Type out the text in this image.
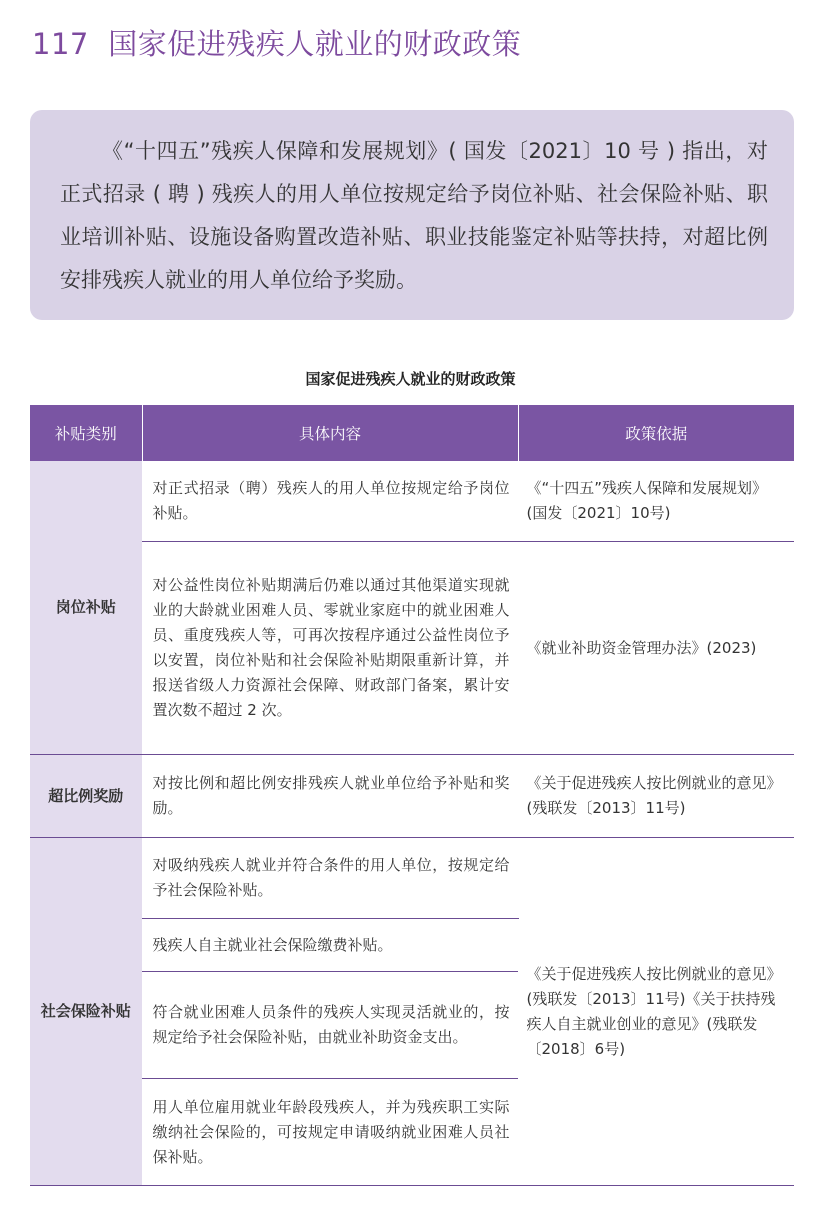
117 国家促进残疾人就业的财政政策

《“十四五”残疾人保障和发展规划》( 国发〔2021〕10 号 ) 指出，对正式招录 ( 聘 ) 残疾人的用人单位按规定给予岗位补贴、社会保险补贴、职业培训补贴、设施设备购置改造补贴、职业技能鉴定补贴等扶持，对超比例安排残疾人就业的用人单位给予奖励。

国家促进残疾人就业的财政政策
补贴类别	具体内容	政策依据
岗位补贴	对正式招录（聘）残疾人的用人单位按规定给予岗位补贴。	《“十四五”残疾人保障和发展规划》(国发〔2021〕10号)
	对公益性岗位补贴期满后仍难以通过其他渠道实现就业的大龄就业困难人员、零就业家庭中的就业困难人员、重度残疾人等，可再次按程序通过公益性岗位予以安置，岗位补贴和社会保险补贴期限重新计算，并报送省级人力资源社会保障、财政部门备案，累计安置次数不超过 2 次。	《就业补助资金管理办法》(2023)
超比例奖励	对按比例和超比例安排残疾人就业单位给予补贴和奖励。	《关于促进残疾人按比例就业的意见》(残联发〔2013〕11号)
社会保险补贴	对吸纳残疾人就业并符合条件的用人单位，按规定给予社会保险补贴。	《关于促进残疾人按比例就业的意见》(残联发〔2013〕11号)《关于扶持残疾人自主就业创业的意见》(残联发〔2018〕6号)
	残疾人自主就业社会保险缴费补贴。	
	符合就业困难人员条件的残疾人实现灵活就业的，按规定给予社会保险补贴，由就业补助资金支出。	
	用人单位雇用就业年龄段残疾人，并为残疾职工实际缴纳社会保险的，可按规定申请吸纳就业困难人员社保补贴。	
